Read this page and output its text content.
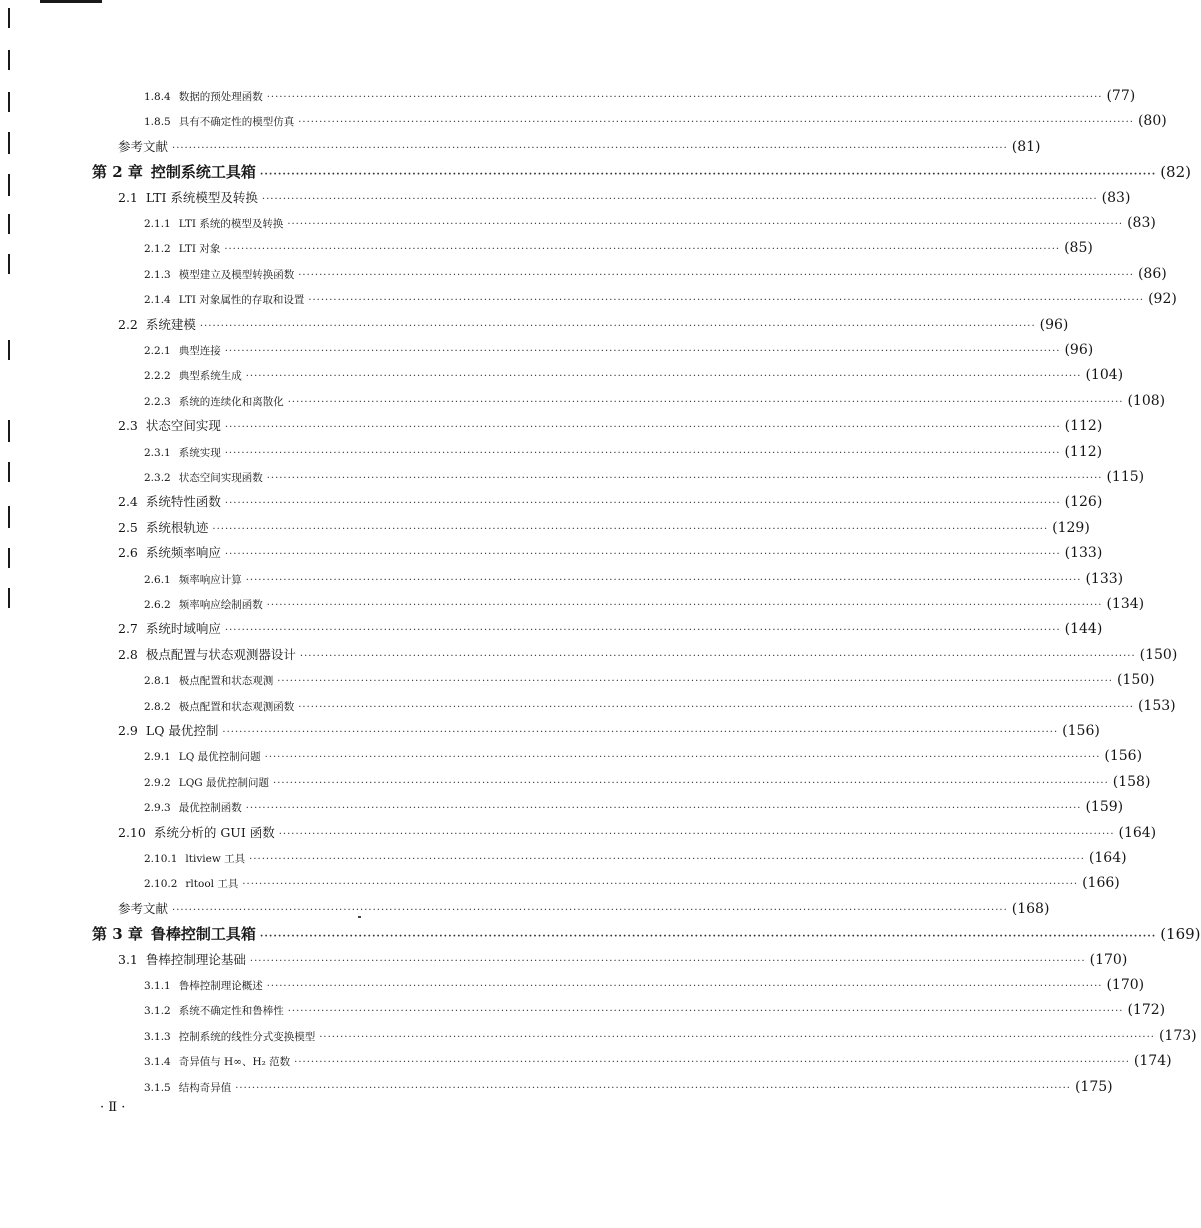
1.8.4 数据的预处理函数 ········································································································································································································ (77)
1.8.5 具有不确定性的模型仿真 ········································································································································································································ (80)
参考文献 ········································································································································································································ (81)
第 2 章 控制系统工具箱 ········································································································································································································ (82)
2.1 LTI 系统模型及转换 ········································································································································································································ (83)
2.1.1 LTI 系统的模型及转换 ········································································································································································································ (83)
2.1.2 LTI 对象 ········································································································································································································ (85)
2.1.3 模型建立及模型转换函数 ········································································································································································································ (86)
2.1.4 LTI 对象属性的存取和设置 ········································································································································································································ (92)
2.2 系统建模 ········································································································································································································ (96)
2.2.1 典型连接 ········································································································································································································ (96)
2.2.2 典型系统生成 ········································································································································································································ (104)
2.2.3 系统的连续化和离散化 ········································································································································································································ (108)
2.3 状态空间实现 ········································································································································································································ (112)
2.3.1 系统实现 ········································································································································································································ (112)
2.3.2 状态空间实现函数 ········································································································································································································ (115)
2.4 系统特性函数 ········································································································································································································ (126)
2.5 系统根轨迹 ········································································································································································································ (129)
2.6 系统频率响应 ········································································································································································································ (133)
2.6.1 频率响应计算 ········································································································································································································ (133)
2.6.2 频率响应绘制函数 ········································································································································································································ (134)
2.7 系统时域响应 ········································································································································································································ (144)
2.8 极点配置与状态观测器设计 ········································································································································································································ (150)
2.8.1 极点配置和状态观测 ········································································································································································································ (150)
2.8.2 极点配置和状态观测函数 ········································································································································································································ (153)
2.9 LQ 最优控制 ········································································································································································································ (156)
2.9.1 LQ 最优控制问题 ········································································································································································································ (156)
2.9.2 LQG 最优控制问题 ········································································································································································································ (158)
2.9.3 最优控制函数 ········································································································································································································ (159)
2.10 系统分析的 GUI 函数 ········································································································································································································ (164)
2.10.1 ltiview 工具 ········································································································································································································ (164)
2.10.2 rltool 工具 ········································································································································································································ (166)
参考文献 ········································································································································································································ (168)
第 3 章 鲁棒控制工具箱 ········································································································································································································ (169)
3.1 鲁棒控制理论基础 ········································································································································································································ (170)
3.1.1 鲁棒控制理论概述 ········································································································································································································ (170)
3.1.2 系统不确定性和鲁棒性 ········································································································································································································ (172)
3.1.3 控制系统的线性分式变换模型 ········································································································································································································ (173)
3.1.4 奇异值与 H∞、H₂ 范数 ········································································································································································································ (174)
3.1.5 结构奇异值 ········································································································································································································ (175)
· Ⅱ ·
